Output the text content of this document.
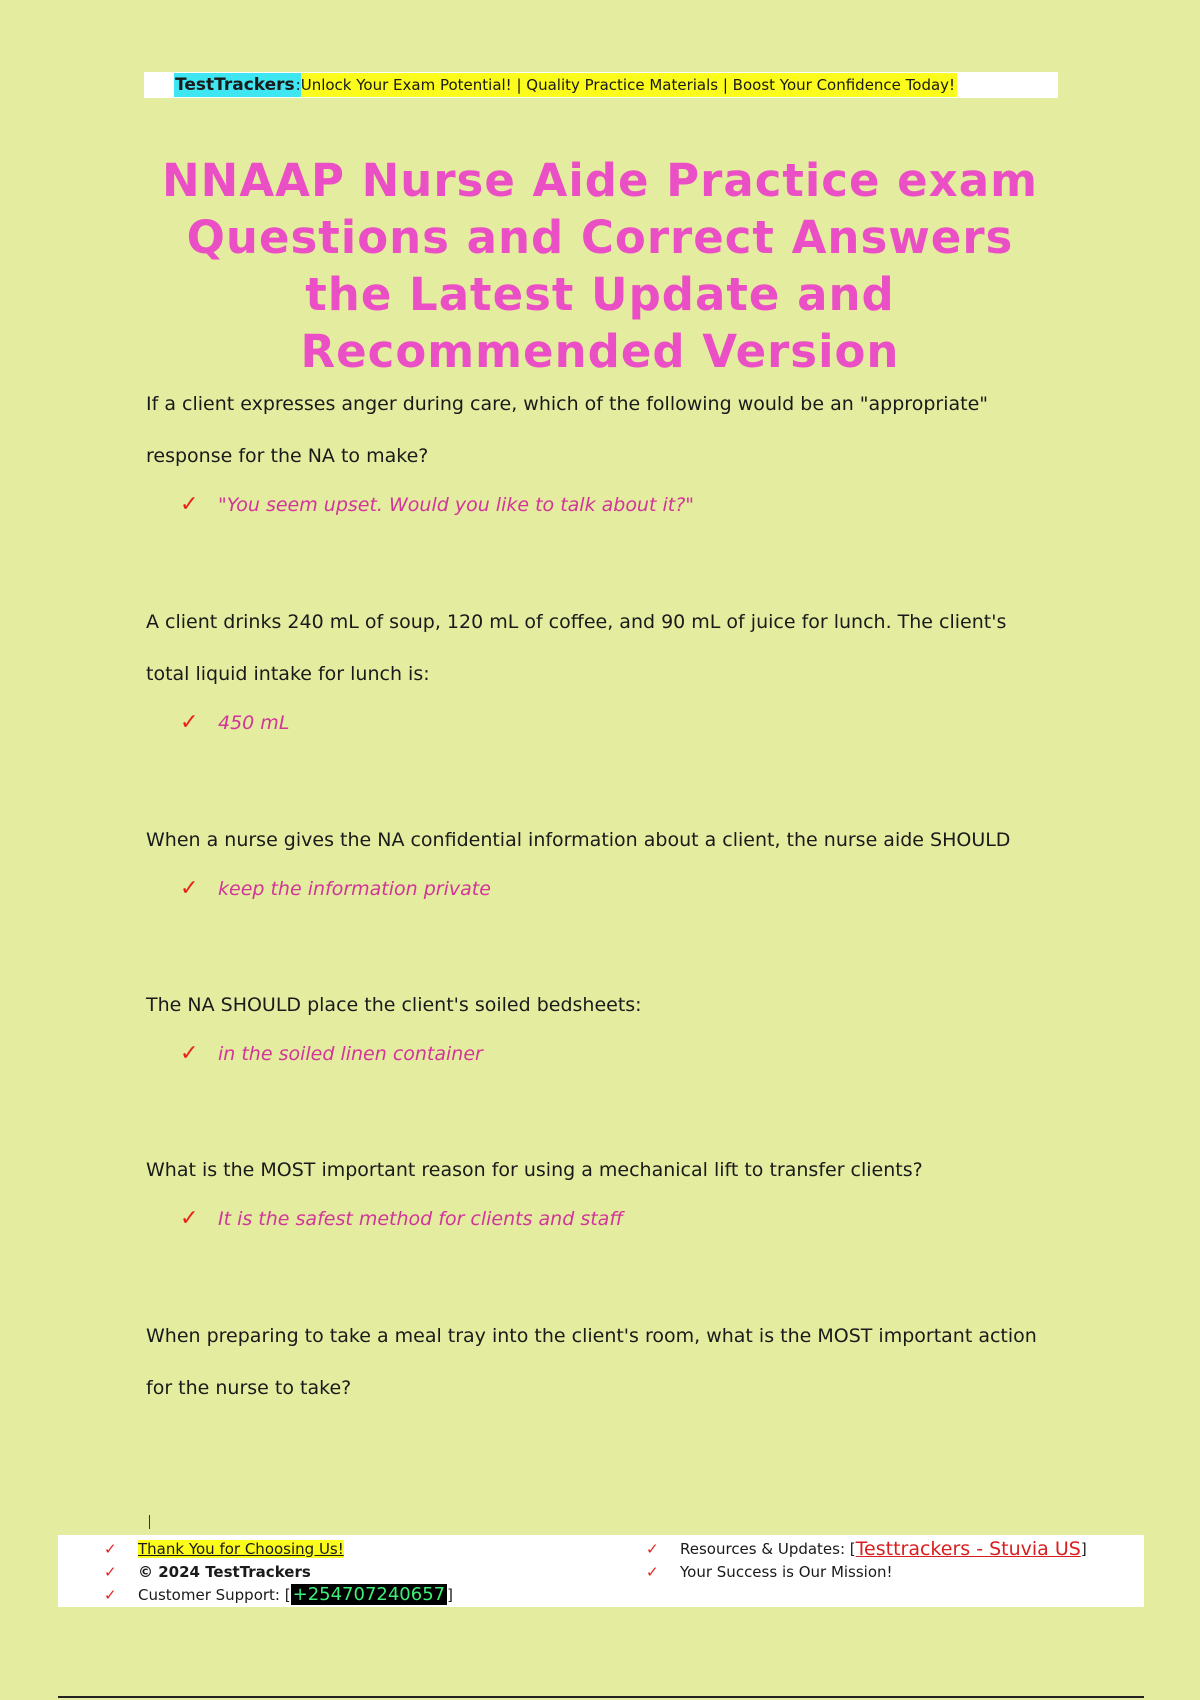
TestTrackers : Unlock Your Exam Potential! | Quality Practice Materials | Boost Your Confidence Today!
NNAAP Nurse Aide Practice exam Questions and Correct Answers the Latest Update and Recommended Version

If a client expresses anger during care, which of the following would be an "appropriate"

response for the NA to make?

✓	"You seem upset. Would you like to talk about it?"

A client drinks 240 mL of soup, 120 mL of coffee, and 90 mL of juice for lunch. The client's

total liquid intake for lunch is:

✓	450 mL

When a nurse gives the NA confidential information about a client, the nurse aide SHOULD

✓	keep the information private

The NA SHOULD place the client's soiled bedsheets:

✓	in the soiled linen container

What is the MOST important reason for using a mechanical lift to transfer clients?

✓	It is the safest method for clients and staff

When preparing to take a meal tray into the client's room, what is the MOST important action

for the nurse to take?

✓	Thank You for Choosing Us!
✓	© 2024 TestTrackers
✓	Customer Support: [ +254707240657 ]
✓	Resources & Updates: [ Testtrackers - Stuvia US ]
✓	Your Success is Our Mission!
